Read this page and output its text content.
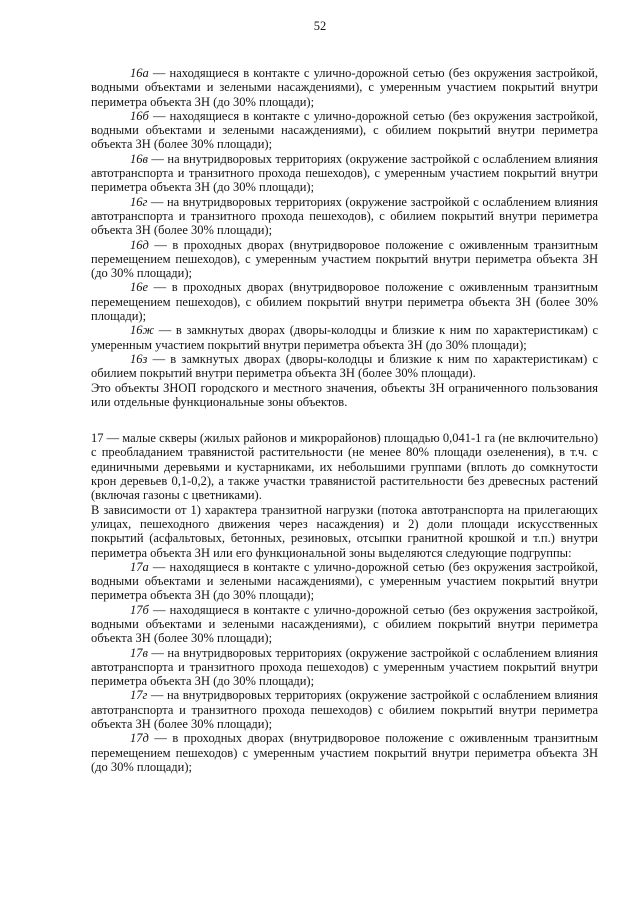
52

16а — находящиеся в контакте с улично-дорожной сетью (без окружения застройкой, водными объектами и зелеными насаждениями), с умеренным участием покрытий внутри периметра объекта ЗН (до 30% площади);

16б — находящиеся в контакте с улично-дорожной сетью (без окружения застройкой, водными объектами и зелеными насаждениями), с обилием покрытий внутри периметра объекта ЗН (более 30% площади);

16в — на внутридворовых территориях (окружение застройкой с ослаблением влияния автотранспорта и транзитного прохода пешеходов), с умеренным участием покрытий внутри периметра объекта ЗН (до 30% площади);

16г — на внутридворовых территориях (окружение застройкой с ослаблением влияния автотранспорта и транзитного прохода пешеходов), с обилием покрытий внутри периметра объекта ЗН (более 30% площади);

16д — в проходных дворах (внутридворовое положение с оживленным транзитным перемещением пешеходов), с умеренным участием покрытий внутри периметра объекта ЗН (до 30% площади);

16е — в проходных дворах (внутридворовое положение с оживленным транзитным перемещением пешеходов), с обилием покрытий внутри периметра объекта ЗН (более 30% площади);

16ж — в замкнутых дворах (дворы-колодцы и близкие к ним по характеристикам) с умеренным участием покрытий внутри периметра объекта ЗН (до 30% площади);

16з — в замкнутых дворах (дворы-колодцы и близкие к ним по характеристикам) с обилием покрытий внутри периметра объекта ЗН (более 30% площади).

Это объекты ЗНОП городского и местного значения, объекты ЗН ограниченного пользования или отдельные функциональные зоны объектов.

17 — малые скверы (жилых районов и микрорайонов) площадью 0,041-1 га (не включительно) с преобладанием травянистой растительности (не менее 80% площади озеленения), в т.ч. с единичными деревьями и кустарниками, их небольшими группами (вплоть до сомкнутости крон деревьев 0,1-0,2), а также участки травянистой растительности без древесных растений (включая газоны с цветниками).

В зависимости от 1) характера транзитной нагрузки (потока автотранспорта на прилегающих улицах, пешеходного движения через насаждения) и 2) доли площади искусственных покрытий (асфальтовых, бетонных, резиновых, отсыпки гранитной крошкой и т.п.) внутри периметра объекта ЗН или его функциональной зоны выделяются следующие подгруппы:

17а — находящиеся в контакте с улично-дорожной сетью (без окружения застройкой, водными объектами и зелеными насаждениями), с умеренным участием покрытий внутри периметра объекта ЗН (до 30% площади);

17б — находящиеся в контакте с улично-дорожной сетью (без окружения застройкой, водными объектами и зелеными насаждениями), с обилием покрытий внутри периметра объекта ЗН (более 30% площади);

17в — на внутридворовых территориях (окружение застройкой с ослаблением влияния автотранспорта и транзитного прохода пешеходов) с умеренным участием покрытий внутри периметра объекта ЗН (до 30% площади);

17г — на внутридворовых территориях (окружение застройкой с ослаблением влияния автотранспорта и транзитного прохода пешеходов) с обилием покрытий внутри периметра объекта ЗН (более 30% площади);

17д — в проходных дворах (внутридворовое положение с оживленным транзитным перемещением пешеходов) с умеренным участием покрытий внутри периметра объекта ЗН (до 30% площади);
